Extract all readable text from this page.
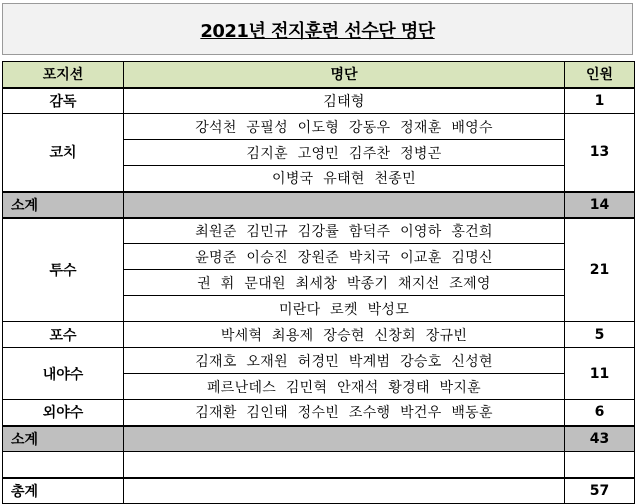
2021년 전지훈련 선수단 명단
포지션	명단	인원
감독	김태형	1
코치	강석천 공필성 이도형 강동우 정재훈 배영수	13
	김지훈 고영민 김주찬 정병곤	
	이병국 유태현 천종민	
소계		14
투수	최원준 김민규 김강률 함덕주 이영하 홍건희	21
	윤명준 이승진 장원준 박치국 이교훈 김명신	
	권 휘 문대원 최세창 박종기 채지선 조제영	
	미란다 로켓 박성모	
포수	박세혁 최용제 장승현 신창회 장규빈	5
내야수	김재호 오재원 허경민 박계범 강승호 신성현	11
	페르난데스 김민혁 안재석 황경태 박지훈	
외야수	김재환 김인태 정수빈 조수행 박건우 백동훈	6
소계		43

총계		57
